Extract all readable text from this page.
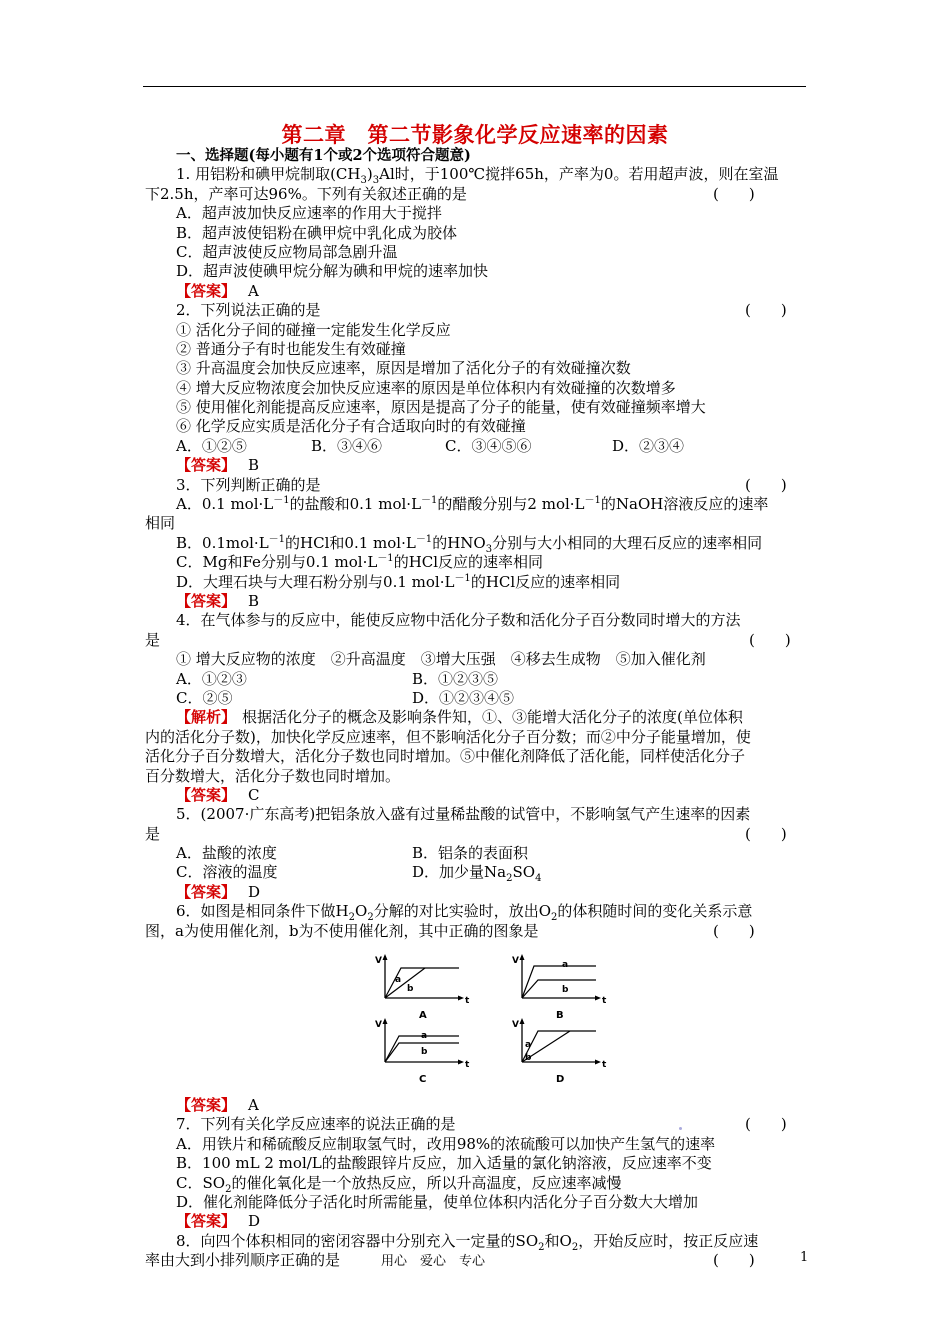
第二章　第二节影象化学反应速率的因素
一、选择题(每小题有1个或2个选项符合题意)
1. 用铝粉和碘甲烷制取$(CH_3)_3Al$时，于100℃搅拌65h，产率为0。若用超声波，则在室温
下2.5h，产率可达96%。下列有关叙述正确的是	(　　)
A．超声波加快反应速率的作用大于搅拌
B．超声波使铝粉在碘甲烷中乳化成为胶体
C．超声波使反应物局部急剧升温
D．超声波使碘甲烷分解为碘和甲烷的速率加快
【答案】 A
2．下列说法正确的是	(　　)
① 活化分子间的碰撞一定能发生化学反应
② 普通分子有时也能发生有效碰撞
③ 升高温度会加快反应速率，原因是增加了活化分子的有效碰撞次数
④ 增大反应物浓度会加快反应速率的原因是单位体积内有效碰撞的次数增多
⑤ 使用催化剂能提高反应速率，原因是提高了分子的能量，使有效碰撞频率增大
⑥ 化学反应实质是活化分子有合适取向时的有效碰撞
A．①②⑤	B．③④⑥	C．③④⑤⑥	D．②③④
【答案】 B
3．下列判断正确的是	(　　)
A．0.1 $mol\cdot L^{-1}$的盐酸和0.1 $mol\cdot L^{-1}$的醋酸分别与2 $mol\cdot L^{-1}$的NaOH溶液反应的速率
相同
B．$0.1mol\cdot L^{-1}$的HCl和0.1 $mol\cdot L^{-1}$的$HNO_3$分别与大小相同的大理石反应的速率相同
C．Mg和Fe分别与0.1 $mol\cdot L^{-1}$的HCl反应的速率相同
D．大理石块与大理石粉分别与0.1 $mol\cdot L^{-1}$的HCl反应的速率相同
【答案】 B
4．在气体参与的反应中，能使反应物中活化分子数和活化分子百分数同时增大的方法
是	(　　)
① 增大反应物的浓度　②升高温度　③增大压强　④移去生成物　⑤加入催化剂
A．①②③	B．①②③⑤
C．②⑤	D．①②③④⑤
【解析】 根据活化分子的概念及影响条件知，①、③能增大活化分子的浓度(单位体积
内的活化分子数)，加快化学反应速率，但不影响活化分子百分数；而②中分子能量增加，使
活化分子百分数增大，活化分子数也同时增加。⑤中催化剂降低了活化能，同样使活化分子
百分数增大，活化分子数也同时增加。
【答案】 C
5．(2007·广东高考)把铝条放入盛有过量稀盐酸的试管中，不影响氢气产生速率的因素
是	(　　)
A．盐酸的浓度	B．铝条的表面积
C．溶液的温度	D．加少量$Na_2SO_4$
【答案】 D
6．如图是相同条件下做$H_2O_2$分解的对比实验时，放出$O_2$的体积随时间的变化关系示意
图，a为使用催化剂，b为不使用催化剂，其中正确的图象是	(　　)
V
t
a
b
A
V
t
a
b
B
V
t
a
b
C
V
t
a
b
D
【答案】 A
7．下列有关化学反应速率的说法正确的是	(　　)
A．用铁片和稀硫酸反应制取氢气时，改用98%的浓硫酸可以加快产生氢气的速率
B．100 mL 2 mol/L的盐酸跟锌片反应，加入适量的氯化钠溶液，反应速率不变
C．$SO_2$的催化氧化是一个放热反应，所以升高温度，反应速率减慢
D．催化剂能降低分子活化时所需能量，使单位体积内活化分子百分数大大增加
【答案】 D
8．向四个体积相同的密闭容器中分别充入一定量的$SO_2$和$O_2$，开始反应时，按正反应速
率由大到小排列顺序正确的是	(　　)
用心　爱心　专心	1
